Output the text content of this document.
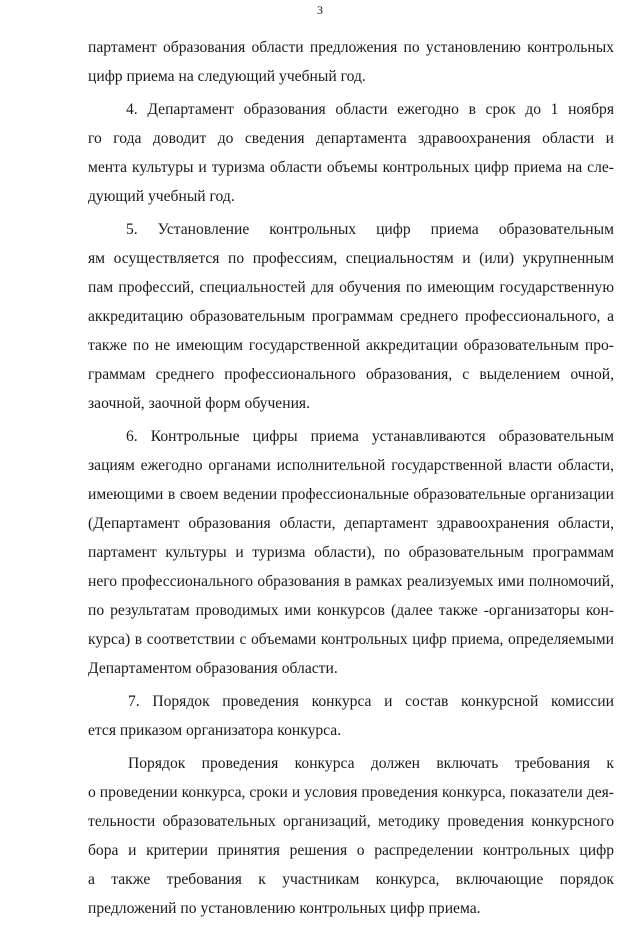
3
партамент образования области предложения по установлению контрольных
цифр приема на следующий учебный год.
4. Департамент образования области ежегодно в срок до 1 ноября
го года доводит до сведения департамента здравоохранения области и
мента культуры и туризма области объемы контрольных цифр приема на сле-
дующий учебный год.
5. Установление контрольных цифр приема образовательным
ям осуществляется по профессиям, специальностям и (или) укрупненным
пам профессий, специальностей для обучения по имеющим государственную
аккредитацию образовательным программам среднего профессионального, а
также по не имеющим государственной аккредитации образовательным про-
граммам среднего профессионального образования, с выделением очной,
заочной, заочной форм обучения.
6. Контрольные цифры приема устанавливаются образовательным
зациям ежегодно органами исполнительной государственной власти области,
имеющими в своем ведении профессиональные образовательные организации
(Департамент образования области, департамент здравоохранения области,
партамент культуры и туризма области), по образовательным программам
него профессионального образования в рамках реализуемых ими полномочий,
по результатам проводимых ими конкурсов (далее также -организаторы кон-
курса) в соответствии с объемами контрольных цифр приема, определяемыми
Департаментом образования области.
7. Порядок проведения конкурса и состав конкурсной комиссии
ется приказом организатора конкурса.
Порядок проведения конкурса должен включать требования к
о проведении конкурса, сроки и условия проведения конкурса, показатели дея-
тельности образовательных организаций, методику проведения конкурсного
бора и критерии принятия решения о распределении контрольных цифр
а также требования к участникам конкурса, включающие порядок
предложений по установлению контрольных цифр приема.
